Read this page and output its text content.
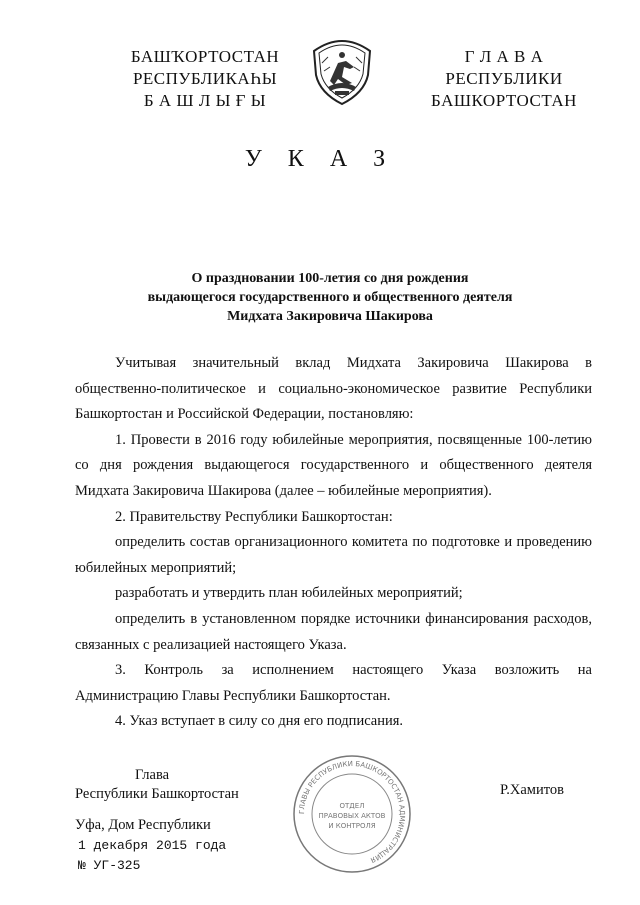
БАШҠОРТОСТАН
РЕСПУБЛИКАҺЫ
Б А Ш Л Ы Ғ Ы
Г Л А В А
РЕСПУБЛИКИ
БАШКОРТОСТАН
У К А З
О праздновании 100-летия со дня рождения
выдающегося государственного и общественного деятеля
Мидхата Закировича Шакирова

Учитывая значительный вклад Мидхата Закировича Шакирова в общественно-политическое и социально-экономическое развитие Республики Башкортостан и Российской Федерации, постановляю:

1. Провести в 2016 году юбилейные мероприятия, посвященные 100-летию со дня рождения выдающегося государственного и общественного деятеля Мидхата Закировича Шакирова (далее – юбилейные мероприятия).

2. Правительству Республики Башкортостан:

определить состав организационного комитета по подготовке и проведению юбилейных мероприятий;

разработать и утвердить план юбилейных мероприятий;

определить в установленном порядке источники финансирования расходов, связанных с реализацией настоящего Указа.

3. Контроль за исполнением настоящего Указа возложить на Администрацию Главы Республики Башкортостан.

4. Указ вступает в силу со дня его подписания.

Глава
Республики Башкортостан	Р.Хамитов
ГЛАВЫ РЕСПУБЛИКИ БАШКОРТОСТАН АДМИНИСТРАЦИЯ
ОТДЕЛ
ПРАВОВЫХ АКТОВ
И КОНТРОЛЯ
Уфа, Дом Республики
1 декабря 2015 года
№ УГ-325
